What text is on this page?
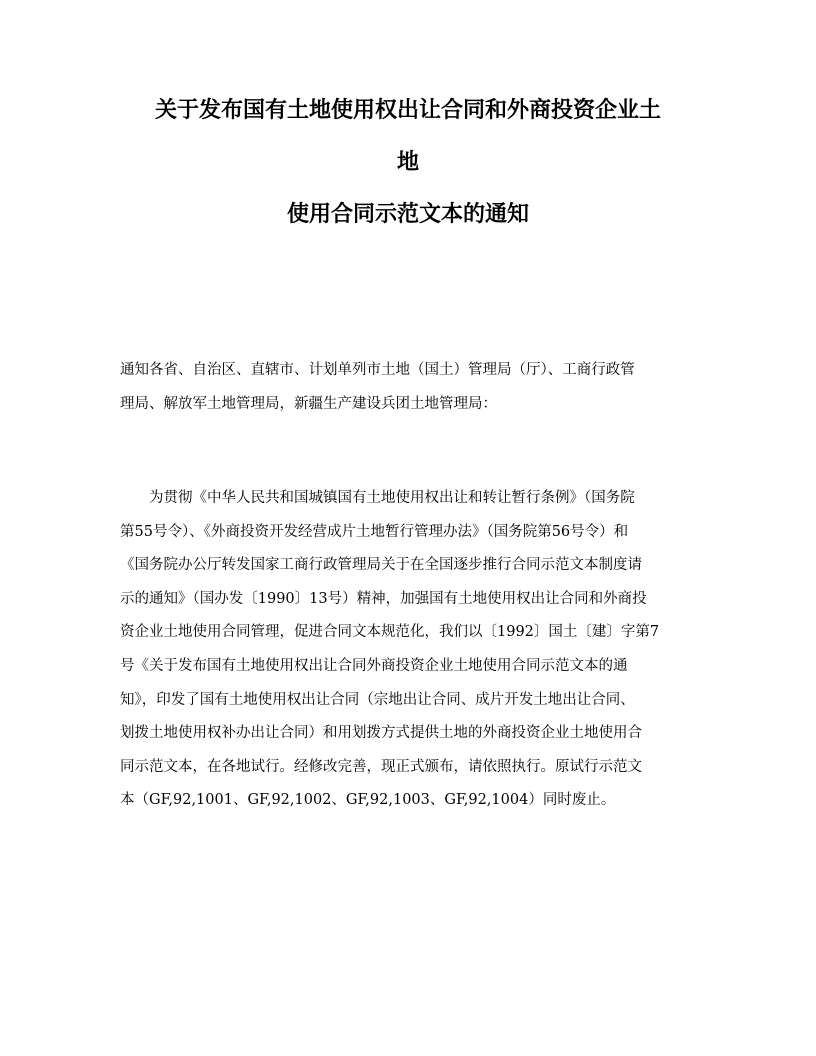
关于发布国有土地使用权出让合同和外商投资企业土
地
使用合同示范文本的通知
通知各省、自治区、直辖市、计划单列市土地（国土）管理局（厅）、工商行政管
理局、解放军土地管理局，新疆生产建设兵团土地管理局：
为贯彻《中华人民共和国城镇国有土地使用权出让和转让暂行条例》（国务院
第55号令）、《外商投资开发经营成片土地暂行管理办法》（国务院第56号令）和
《国务院办公厅转发国家工商行政管理局关于在全国逐步推行合同示范文本制度请
示的通知》（国办发〔1990〕13号）精神，加强国有土地使用权出让合同和外商投
资企业土地使用合同管理，促进合同文本规范化，我们以〔1992〕国土〔建〕字第7
号《关于发布国有土地使用权出让合同外商投资企业土地使用合同示范文本的通
知》，印发了国有土地使用权出让合同（宗地出让合同、成片开发土地出让合同、
划拨土地使用权补办出让合同）和用划拨方式提供土地的外商投资企业土地使用合
同示范文本，在各地试行。经修改完善，现正式颁布，请依照执行。原试行示范文
本（GF,92,1001、GF,92,1002、GF,92,1003、GF,92,1004）同时废止。
